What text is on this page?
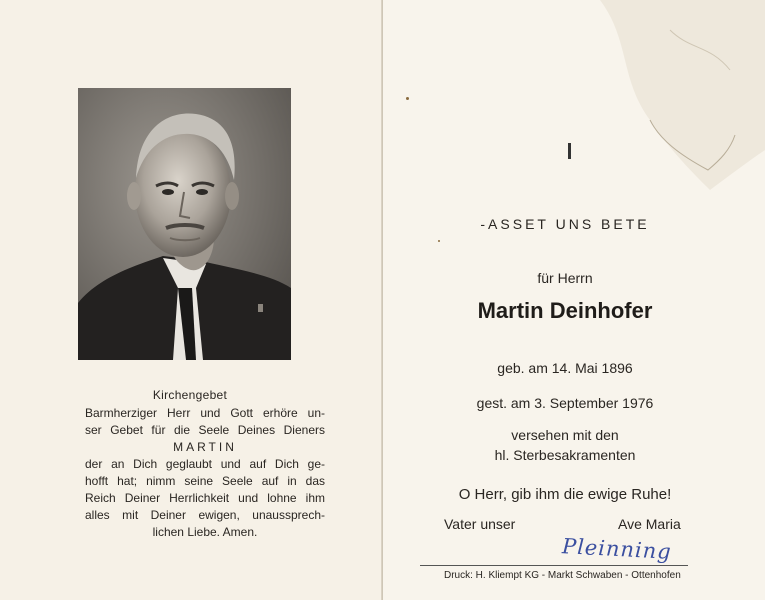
Kirchengebet
Barmherziger Herr und Gott erhöre un-
ser Gebet für die Seele Deines Dieners
MARTIN
der an Dich geglaubt und auf Dich ge-
hofft hat; nimm seine Seele auf in das
Reich Deiner Herrlichkeit und lohne ihm
alles mit Deiner ewigen, unaussprech-
lichen Liebe. Amen.
-ASSET UNS BETE
für Herrn
Martin Deinhofer
geb. am 14. Mai 1896
gest. am 3. September 1976
versehen mit den
hl. Sterbesakramenten
O Herr, gib ihm die ewige Ruhe!
Vater unser	Ave Maria
Pleinning
Druck: H. Kliempt KG - Markt Schwaben - Ottenhofen
